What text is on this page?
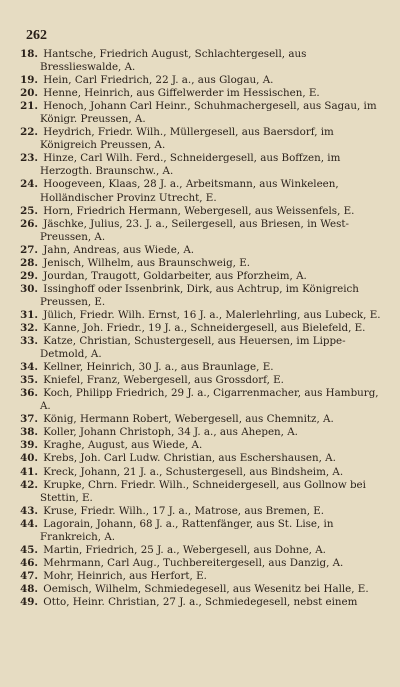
262
18. Hantsche, Friedrich August, Schlachtergesell, aus Bresslieswalde, A.
19. Hein, Carl Friedrich, 22 J. a., aus Glogau, A.
20. Henne, Heinrich, aus Giffelwerder im Hessischen, E.
21. Henoch, Johann Carl Heinr., Schuhmachergesell, aus Sagau, im Königr. Preussen, A.
22. Heydrich, Friedr. Wilh., Müllergesell, aus Baersdorf, im Königreich Preussen, A.
23. Hinze, Carl Wilh. Ferd., Schneidergesell, aus Boffzen, im Herzogth. Braunschw., A.
24. Hoogeveen, Klaas, 28 J. a., Arbeitsmann, aus Winkeleen, Holländischer Provinz Utrecht, E.
25. Horn, Friedrich Hermann, Webergesell, aus Weissenfels, E.
26. Jäschke, Julius, 23. J. a., Seilergesell, aus Briesen, in West-Preussen, A.
27. Jahn, Andreas, aus Wiede, A.
28. Jenisch, Wilhelm, aus Braunschweig, E.
29. Jourdan, Traugott, Goldarbeiter, aus Pforzheim, A.
30. Issinghoff oder Issenbrink, Dirk, aus Achtrup, im Königreich Preussen, E.
31. Jülich, Friedr. Wilh. Ernst, 16 J. a., Malerlehrling, aus Lubeck, E.
32. Kanne, Joh. Friedr., 19 J. a., Schneidergesell, aus Bielefeld, E.
33. Katze, Christian, Schustergesell, aus Heuersen, im Lippe-Detmold, A.
34. Kellner, Heinrich, 30 J. a., aus Braunlage, E.
35. Kniefel, Franz, Webergesell, aus Grossdorf, E.
36. Koch, Philipp Friedrich, 29 J. a., Cigarrenmacher, aus Hamburg, A.
37. König, Hermann Robert, Webergesell, aus Chemnitz, A.
38. Koller, Johann Christoph, 34 J. a., aus Ahepen, A.
39. Kraghe, August, aus Wiede, A.
40. Krebs, Joh. Carl Ludw. Christian, aus Eschershausen, A.
41. Kreck, Johann, 21 J. a., Schustergesell, aus Bindsheim, A.
42. Krupke, Chrn. Friedr. Wilh., Schneidergesell, aus Gollnow bei Stettin, E.
43. Kruse, Friedr. Wilh., 17 J. a., Matrose, aus Bremen, E.
44. Lagorain, Johann, 68 J. a., Rattenfänger, aus St. Lise, in Frankreich, A.
45. Martin, Friedrich, 25 J. a., Webergesell, aus Dohne, A.
46. Mehrmann, Carl Aug., Tuchbereitergesell, aus Danzig, A.
47. Mohr, Heinrich, aus Herfort, E.
48. Oemisch, Wilhelm, Schmiedegesell, aus Wesenitz bei Halle, E.
49. Otto, Heinr. Christian, 27 J. a., Schmiedegesell, nebst einem
